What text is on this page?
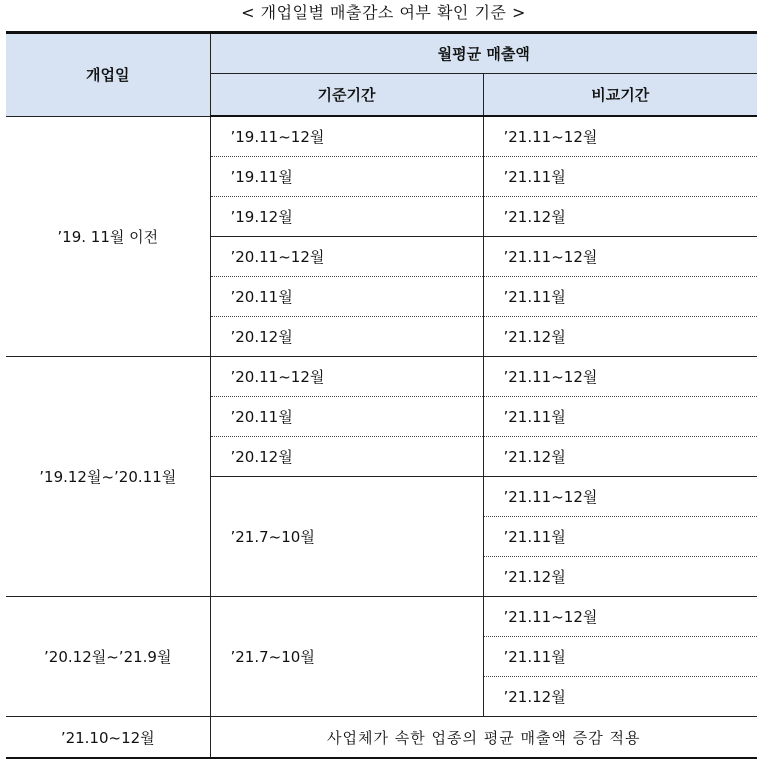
< 개업일별 매출감소 여부 확인 기준 >
개업일	월평균 매출액	
	기준기간	비교기간
’19. 11월 이전	’19.11~12월	’21.11~12월
	’19.11월	’21.11월
	’19.12월	’21.12월
	’20.11~12월	’21.11~12월
	’20.11월	’21.11월
	’20.12월	’21.12월
’19.12월~’20.11월	’20.11~12월	’21.11~12월
	’20.11월	’21.11월
	’20.12월	’21.12월
	’21.7~10월	’21.11~12월
		’21.11월
		’21.12월
’20.12월~’21.9월	’21.7~10월	’21.11~12월
		’21.11월
		’21.12월
’21.10~12월	사업체가 속한 업종의 평균 매출액 증감 적용	
